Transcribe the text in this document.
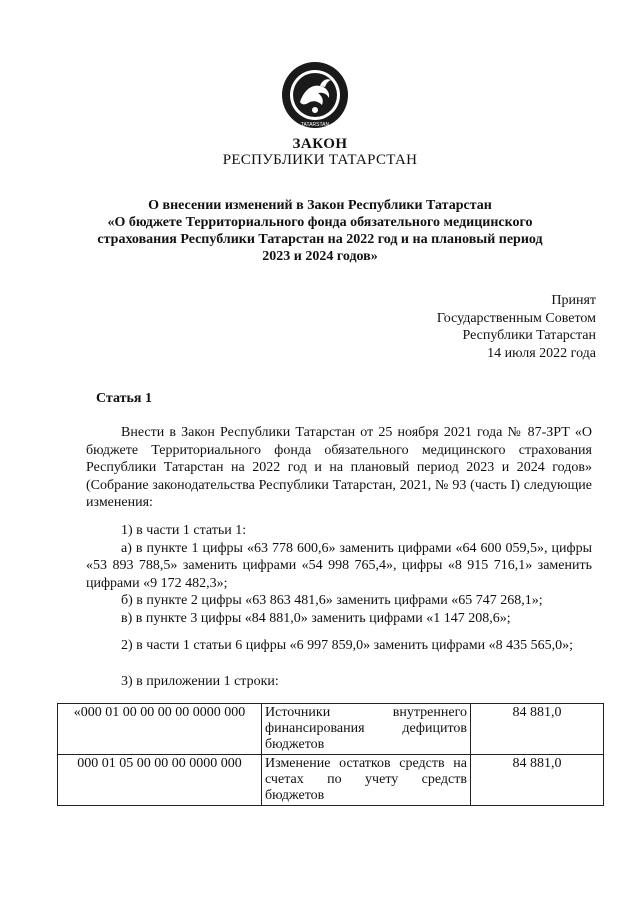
TATARSTAN
ЗАКОН
РЕСПУБЛИКИ ТАТАРСТАН
О внесении изменений в Закон Республики Татарстан
«О бюджете Территориального фонда обязательного медицинского
страхования Республики Татарстан на 2022 год и на плановый период
2023 и 2024 годов»
Принят
Государственным Советом
Республики Татарстан
14 июля 2022 года
Статья 1
Внести в Закон Республики Татарстан от 25 ноября 2021 года № 87-ЗРТ «О бюджете Территориального фонда обязательного медицинского страхования Республики Татарстан на 2022 год и на плановый период 2023 и 2024 годов» (Собрание законодательства Республики Татарстан, 2021, № 93 (часть I) следующие изменения:
1) в части 1 статьи 1:
а) в пункте 1 цифры «63 778 600,6» заменить цифрами «64 600 059,5», цифры «53 893 788,5» заменить цифрами «54 998 765,4», цифры «8 915 716,1» заменить цифрами «9 172 482,3»;
б) в пункте 2 цифры «63 863 481,6» заменить цифрами «65 747 268,1»;
в) в пункте 3 цифры «84 881,0» заменить цифрами «1 147 208,6»;
2) в части 1 статьи 6 цифры «6 997 859,0» заменить цифрами «8 435 565,0»;
3) в приложении 1 строки:
«000 01 00 00 00 00 0000 000	Источники внутреннего финансирования дефицитов бюджетов	84 881,0
000 01 05 00 00 00 0000 000	Изменение остатков средств на счетах по учету средств бюджетов	84 881,0
